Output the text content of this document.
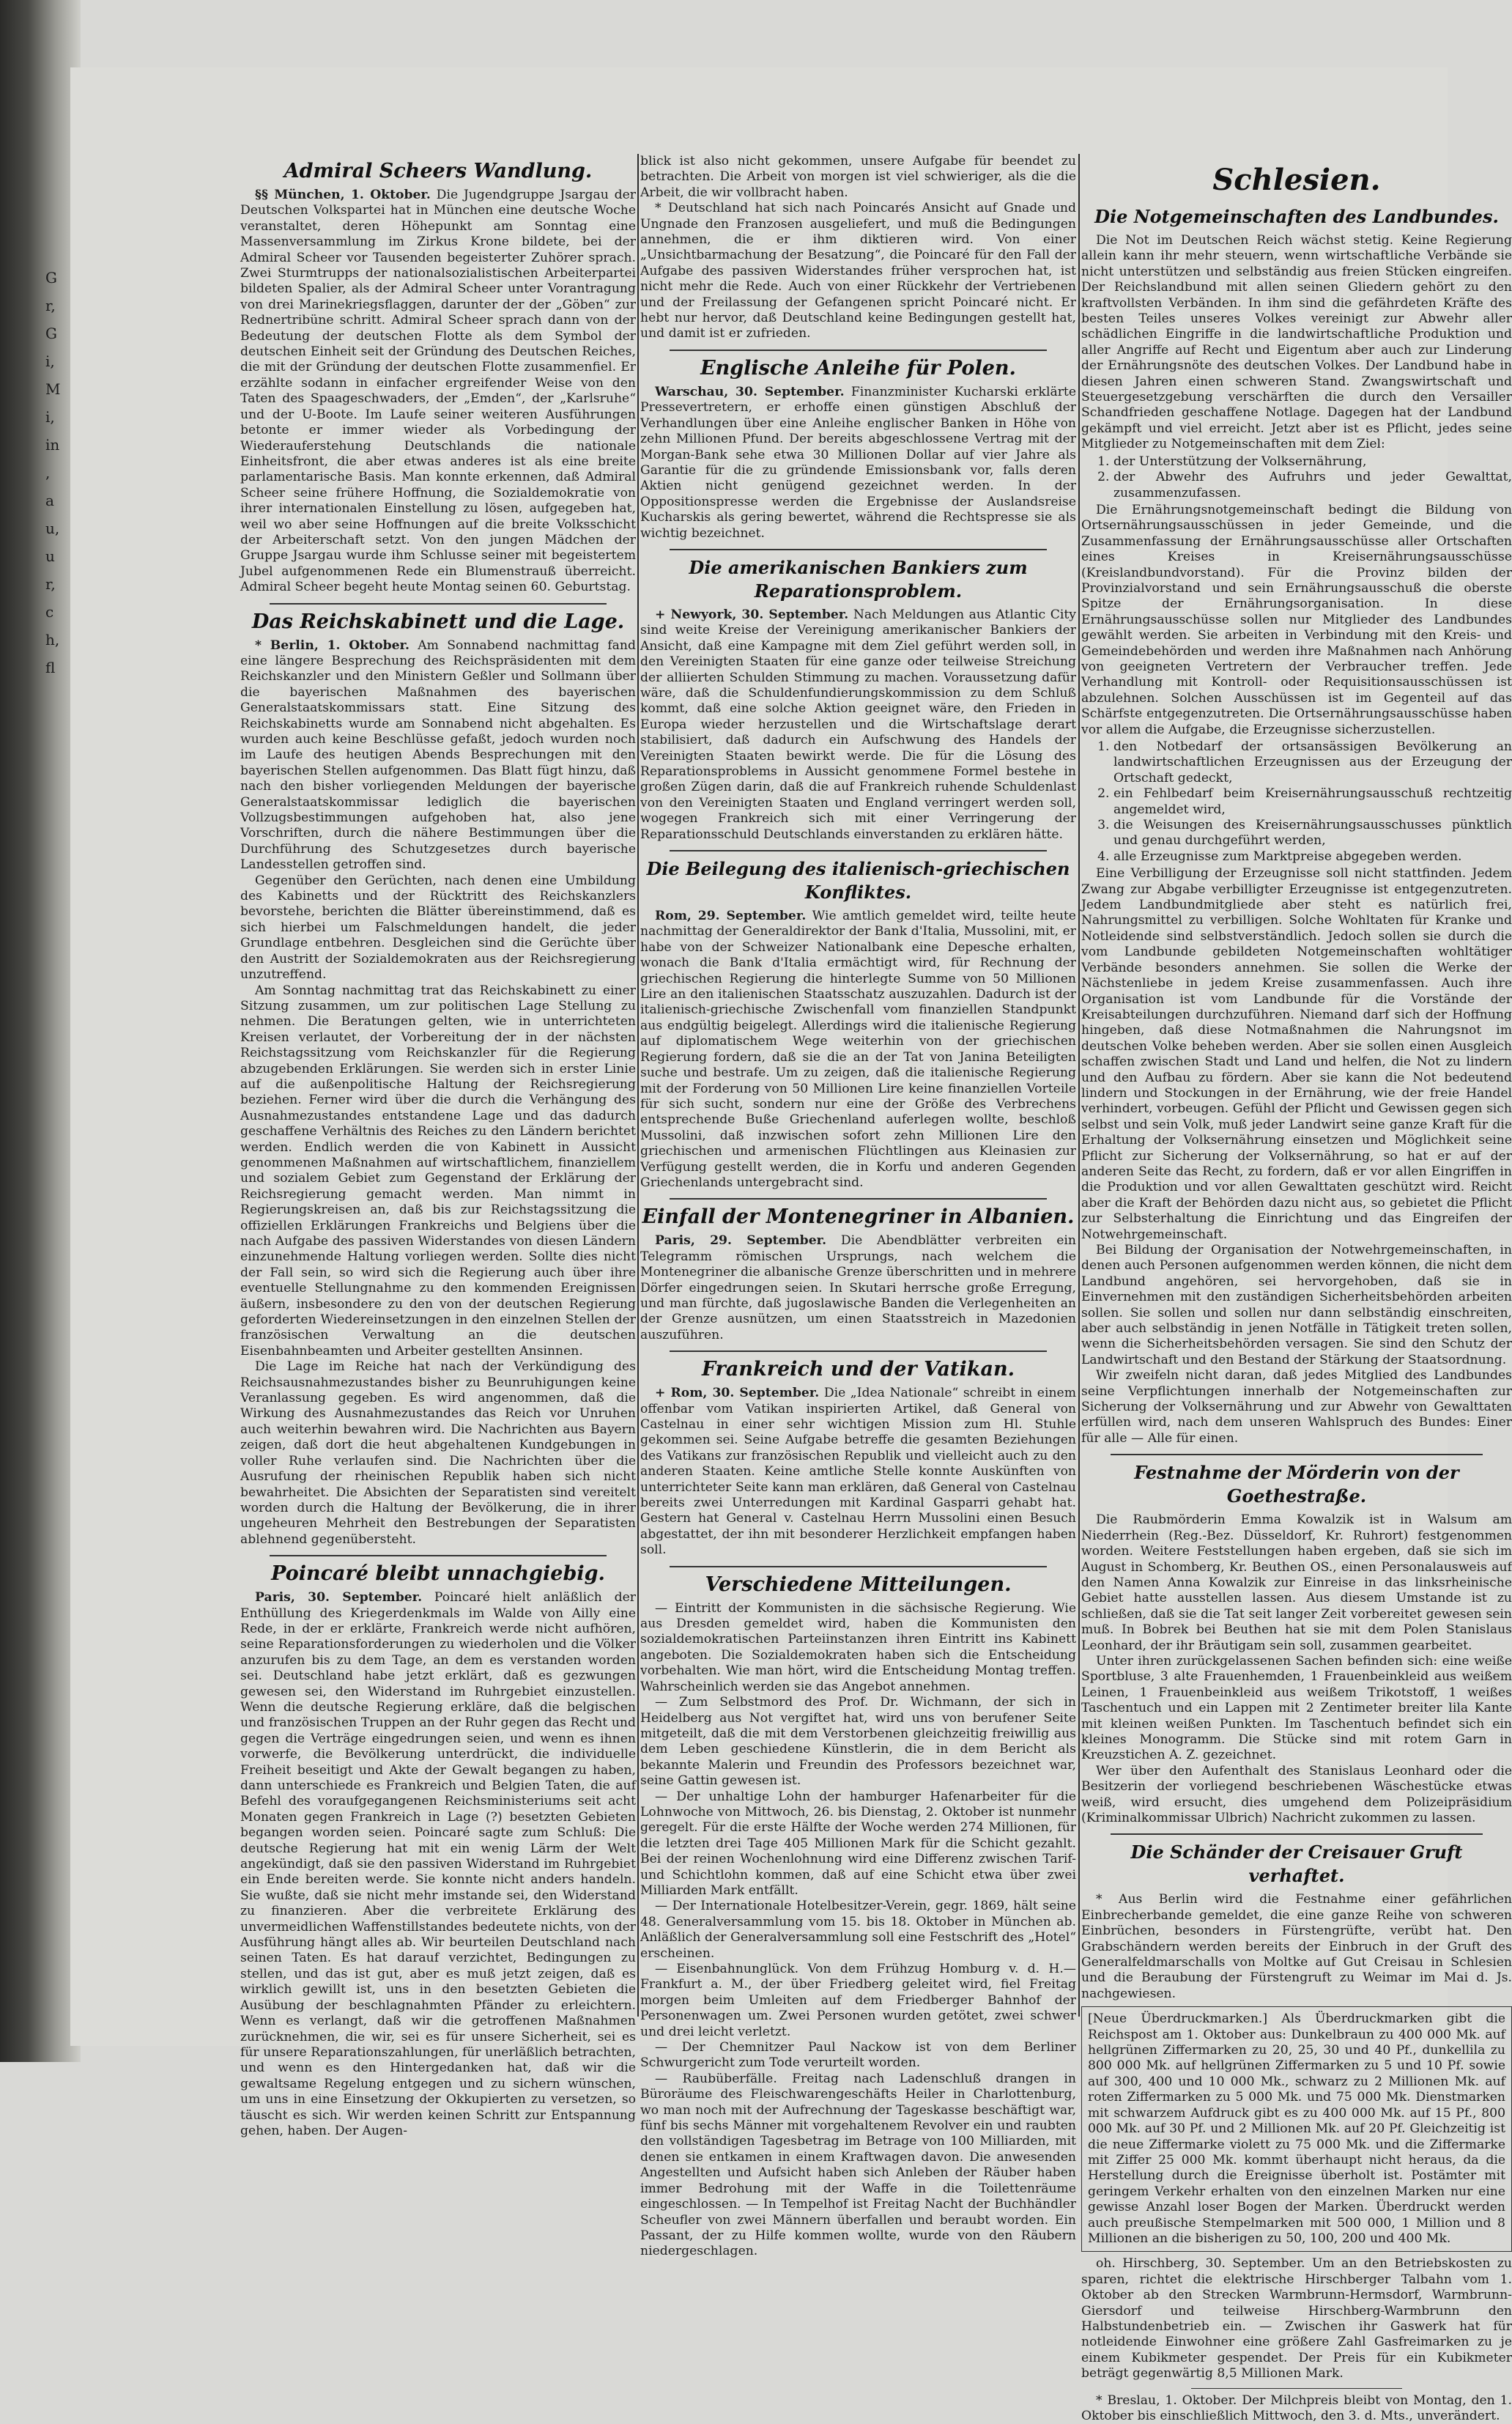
Gr, Gi, Mi, in, au, ur, ch, fl
Admiral Scheers Wandlung.

§§ München, 1. Oktober. Die Jugendgruppe Jsargau der Deutschen Volkspartei hat in München eine deutsche Woche veranstaltet, deren Höhepunkt am Sonntag eine Massenversammlung im Zirkus Krone bildete, bei der Admiral Scheer vor Tausenden begeisterter Zuhörer sprach. Zwei Sturmtrupps der nationalsozialistischen Arbeiterpartei bildeten Spalier, als der Admiral Scheer unter Vorantragung von drei Marinekriegsflaggen, darunter der der „Göben“ zur Rednertribüne schritt. Admiral Scheer sprach dann von der Bedeutung der deutschen Flotte als dem Symbol der deutschen Einheit seit der Gründung des Deutschen Reiches, die mit der Gründung der deutschen Flotte zusammenfiel. Er erzählte sodann in einfacher ergreifender Weise von den Taten des Spaageschwaders, der „Emden“, der „Karlsruhe“ und der U-Boote. Im Laufe seiner weiteren Ausführungen betonte er immer wieder als Vorbedingung der Wiederauferstehung Deutschlands die nationale Einheitsfront, die aber etwas anderes ist als eine breite parlamentarische Basis. Man konnte erkennen, daß Admiral Scheer seine frühere Hoffnung, die Sozialdemokratie von ihrer internationalen Einstellung zu lösen, aufgegeben hat, weil wo aber seine Hoffnungen auf die breite Volksschicht der Arbeiterschaft setzt. Von den jungen Mädchen der Gruppe Jsargau wurde ihm Schlusse seiner mit begeistertem Jubel aufgenommenen Rede ein Blumenstrauß überreicht. Admiral Scheer begeht heute Montag seinen 60. Geburtstag.

Das Reichskabinett und die Lage.

* Berlin, 1. Oktober. Am Sonnabend nachmittag fand eine längere Besprechung des Reichspräsidenten mit dem Reichskanzler und den Ministern Geßler und Sollmann über die bayerischen Maßnahmen des bayerischen Generalstaatskommissars statt. Eine Sitzung des Reichskabinetts wurde am Sonnabend nicht abgehalten. Es wurden auch keine Beschlüsse gefaßt, jedoch wurden noch im Laufe des heutigen Abends Besprechungen mit den bayerischen Stellen aufgenommen. Das Blatt fügt hinzu, daß nach den bisher vorliegenden Meldungen der bayerische Generalstaatskommissar lediglich die bayerischen Vollzugsbestimmungen aufgehoben hat, also jene Vorschriften, durch die nähere Bestimmungen über die Durchführung des Schutzgesetzes durch bayerische Landesstellen getroffen sind.

Gegenüber den Gerüchten, nach denen eine Umbildung des Kabinetts und der Rücktritt des Reichskanzlers bevorstehe, berichten die Blätter übereinstimmend, daß es sich hierbei um Falschmeldungen handelt, die jeder Grundlage entbehren. Desgleichen sind die Gerüchte über den Austritt der Sozialdemokraten aus der Reichsregierung unzutreffend.

Am Sonntag nachmittag trat das Reichskabinett zu einer Sitzung zusammen, um zur politischen Lage Stellung zu nehmen. Die Beratungen gelten, wie in unterrichteten Kreisen verlautet, der Vorbereitung der in der nächsten Reichstagssitzung vom Reichskanzler für die Regierung abzugebenden Erklärungen. Sie werden sich in erster Linie auf die außenpolitische Haltung der Reichsregierung beziehen. Ferner wird über die durch die Verhängung des Ausnahmezustandes entstandene Lage und das dadurch geschaffene Verhältnis des Reiches zu den Ländern berichtet werden. Endlich werden die von Kabinett in Aussicht genommenen Maßnahmen auf wirtschaftlichem, finanziellem und sozialem Gebiet zum Gegenstand der Erklärung der Reichsregierung gemacht werden. Man nimmt in Regierungskreisen an, daß bis zur Reichstagssitzung die offiziellen Erklärungen Frankreichs und Belgiens über die nach Aufgabe des passiven Widerstandes von diesen Ländern einzunehmende Haltung vorliegen werden. Sollte dies nicht der Fall sein, so wird sich die Regierung auch über ihre eventuelle Stellungnahme zu den kommenden Ereignissen äußern, insbesondere zu den von der deutschen Regierung geforderten Wiedereinsetzungen in den einzelnen Stellen der französischen Verwaltung an die deutschen Eisenbahnbeamten und Arbeiter gestellten Ansinnen.

Die Lage im Reiche hat nach der Verkündigung des Reichsausnahmezustandes bisher zu Beunruhigungen keine Veranlassung gegeben. Es wird angenommen, daß die Wirkung des Ausnahmezustandes das Reich vor Unruhen auch weiterhin bewahren wird. Die Nachrichten aus Bayern zeigen, daß dort die heut abgehaltenen Kundgebungen in voller Ruhe verlaufen sind. Die Nachrichten über die Ausrufung der rheinischen Republik haben sich nicht bewahrheitet. Die Absichten der Separatisten sind vereitelt worden durch die Haltung der Bevölkerung, die in ihrer ungeheuren Mehrheit den Bestrebungen der Separatisten ablehnend gegenübersteht.

Poincaré bleibt unnachgiebig.

Paris, 30. September. Poincaré hielt anläßlich der Enthüllung des Kriegerdenkmals im Walde von Ailly eine Rede, in der er erklärte, Frankreich werde nicht aufhören, seine Reparationsforderungen zu wiederholen und die Völker anzurufen bis zu dem Tage, an dem es verstanden worden sei. Deutschland habe jetzt erklärt, daß es gezwungen gewesen sei, den Widerstand im Ruhrgebiet einzustellen. Wenn die deutsche Regierung erkläre, daß die belgischen und französischen Truppen an der Ruhr gegen das Recht und gegen die Verträge eingedrungen seien, und wenn es ihnen vorwerfe, die Bevölkerung unterdrückt, die individuelle Freiheit beseitigt und Akte der Gewalt begangen zu haben, dann unterschiede es Frankreich und Belgien Taten, die auf Befehl des voraufgegangenen Reichsministeriums seit acht Monaten gegen Frankreich in Lage (?) besetzten Gebieten begangen worden seien. Poincaré sagte zum Schluß: Die deutsche Regierung hat mit ein wenig Lärm der Welt angekündigt, daß sie den passiven Widerstand im Ruhrgebiet ein Ende bereiten werde. Sie konnte nicht anders handeln. Sie wußte, daß sie nicht mehr imstande sei, den Widerstand zu finanzieren. Aber die verbreitete Erklärung des unvermeidlichen Waffenstillstandes bedeutete nichts, von der Ausführung hängt alles ab. Wir beurteilen Deutschland nach seinen Taten. Es hat darauf verzichtet, Bedingungen zu stellen, und das ist gut, aber es muß jetzt zeigen, daß es wirklich gewillt ist, uns in den besetzten Gebieten die Ausübung der beschlagnahmten Pfänder zu erleichtern. Wenn es verlangt, daß wir die getroffenen Maßnahmen zurücknehmen, die wir, sei es für unsere Sicherheit, sei es für unsere Reparationszahlungen, für unerläßlich betrachten, und wenn es den Hintergedanken hat, daß wir die gewaltsame Regelung entgegen und zu sichern wünschen, um uns in eine Einsetzung der Okkupierten zu versetzen, so täuscht es sich. Wir werden keinen Schritt zur Entspannung gehen, haben. Der Augen-

blick ist also nicht gekommen, unsere Aufgabe für beendet zu betrachten. Die Arbeit von morgen ist viel schwieriger, als die die Arbeit, die wir vollbracht haben.

* Deutschland hat sich nach Poincarés Ansicht auf Gnade und Ungnade den Franzosen ausgeliefert, und muß die Bedingungen annehmen, die er ihm diktieren wird. Von einer „Unsichtbarmachung der Besatzung“, die Poincaré für den Fall der Aufgabe des passiven Widerstandes früher versprochen hat, ist nicht mehr die Rede. Auch von einer Rückkehr der Vertriebenen und der Freilassung der Gefangenen spricht Poincaré nicht. Er hebt nur hervor, daß Deutschland keine Bedingungen gestellt hat, und damit ist er zufrieden.

Englische Anleihe für Polen.

Warschau, 30. September. Finanzminister Kucharski erklärte Pressevertretern, er erhoffe einen günstigen Abschluß der Verhandlungen über eine Anleihe englischer Banken in Höhe von zehn Millionen Pfund. Der bereits abgeschlossene Vertrag mit der Morgan-Bank sehe etwa 30 Millionen Dollar auf vier Jahre als Garantie für die zu gründende Emissionsbank vor, falls deren Aktien nicht genügend gezeichnet werden. In der Oppositionspresse werden die Ergebnisse der Auslandsreise Kucharskis als gering bewertet, während die Rechtspresse sie als wichtig bezeichnet.

Die amerikanischen Bankiers zum Reparationsproblem.

+ Newyork, 30. September. Nach Meldungen aus Atlantic City sind weite Kreise der Vereinigung amerikanischer Bankiers der Ansicht, daß eine Kampagne mit dem Ziel geführt werden soll, in den Vereinigten Staaten für eine ganze oder teilweise Streichung der alliierten Schulden Stimmung zu machen. Voraussetzung dafür wäre, daß die Schuldenfundierungskommission zu dem Schluß kommt, daß eine solche Aktion geeignet wäre, den Frieden in Europa wieder herzustellen und die Wirtschaftslage derart stabilisiert, daß dadurch ein Aufschwung des Handels der Vereinigten Staaten bewirkt werde. Die für die Lösung des Reparationsproblems in Aussicht genommene Formel bestehe in großen Zügen darin, daß die auf Frankreich ruhende Schuldenlast von den Vereinigten Staaten und England verringert werden soll, wogegen Frankreich sich mit einer Verringerung der Reparationsschuld Deutschlands einverstanden zu erklären hätte.

Die Beilegung des italienisch-griechischen Konfliktes.

Rom, 29. September. Wie amtlich gemeldet wird, teilte heute nachmittag der Generaldirektor der Bank d'Italia, Mussolini, mit, er habe von der Schweizer Nationalbank eine Depesche erhalten, wonach die Bank d'Italia ermächtigt wird, für Rechnung der griechischen Regierung die hinterlegte Summe von 50 Millionen Lire an den italienischen Staatsschatz auszuzahlen. Dadurch ist der italienisch-griechische Zwischenfall vom finanziellen Standpunkt aus endgültig beigelegt. Allerdings wird die italienische Regierung auf diplomatischem Wege weiterhin von der griechischen Regierung fordern, daß sie die an der Tat von Janina Beteiligten suche und bestrafe. Um zu zeigen, daß die italienische Regierung mit der Forderung von 50 Millionen Lire keine finanziellen Vorteile für sich sucht, sondern nur eine der Größe des Verbrechens entsprechende Buße Griechenland auferlegen wollte, beschloß Mussolini, daß inzwischen sofort zehn Millionen Lire den griechischen und armenischen Flüchtlingen aus Kleinasien zur Verfügung gestellt werden, die in Korfu und anderen Gegenden Griechenlands untergebracht sind.

Einfall der Montenegriner in Albanien.

Paris, 29. September. Die Abendblätter verbreiten ein Telegramm römischen Ursprungs, nach welchem die Montenegriner die albanische Grenze überschritten und in mehrere Dörfer eingedrungen seien. In Skutari herrsche große Erregung, und man fürchte, daß jugoslawische Banden die Verlegenheiten an der Grenze ausnützen, um einen Staatsstreich in Mazedonien auszuführen.

Frankreich und der Vatikan.

+ Rom, 30. September. Die „Idea Nationale“ schreibt in einem offenbar vom Vatikan inspirierten Artikel, daß General von Castelnau in einer sehr wichtigen Mission zum Hl. Stuhle gekommen sei. Seine Aufgabe betreffe die gesamten Beziehungen des Vatikans zur französischen Republik und vielleicht auch zu den anderen Staaten. Keine amtliche Stelle konnte Auskünften von unterrichteter Seite kann man erklären, daß General von Castelnau bereits zwei Unterredungen mit Kardinal Gasparri gehabt hat. Gestern hat General v. Castelnau Herrn Mussolini einen Besuch abgestattet, der ihn mit besonderer Herzlichkeit empfangen haben soll.

Verschiedene Mitteilungen.

— Eintritt der Kommunisten in die sächsische Regierung. Wie aus Dresden gemeldet wird, haben die Kommunisten den sozialdemokratischen Parteiinstanzen ihren Eintritt ins Kabinett angeboten. Die Sozialdemokraten haben sich die Entscheidung vorbehalten. Wie man hört, wird die Entscheidung Montag treffen. Wahrscheinlich werden sie das Angebot annehmen.

— Zum Selbstmord des Prof. Dr. Wichmann, der sich in Heidelberg aus Not vergiftet hat, wird uns von berufener Seite mitgeteilt, daß die mit dem Verstorbenen gleichzeitig freiwillig aus dem Leben geschiedene Künstlerin, die in dem Bericht als bekannte Malerin und Freundin des Professors bezeichnet war, seine Gattin gewesen ist.

— Der unhaltige Lohn der hamburger Hafenarbeiter für die Lohnwoche von Mittwoch, 26. bis Dienstag, 2. Oktober ist nunmehr geregelt. Für die erste Hälfte der Woche werden 274 Millionen, für die letzten drei Tage 405 Millionen Mark für die Schicht gezahlt. Bei der reinen Wochenlohnung wird eine Differenz zwischen Tarif- und Schichtlohn kommen, daß auf eine Schicht etwa über zwei Milliarden Mark entfällt.

— Der Internationale Hotelbesitzer-Verein, gegr. 1869, hält seine 48. Generalversammlung vom 15. bis 18. Oktober in München ab. Anläßlich der Generalversammlung soll eine Festschrift des „Hotel“ erscheinen.

— Eisenbahnunglück. Von dem Frühzug Homburg v. d. H.—Frankfurt a. M., der über Friedberg geleitet wird, fiel Freitag morgen beim Umleiten auf dem Friedberger Bahnhof der Personenwagen um. Zwei Personen wurden getötet, zwei schwer und drei leicht verletzt.

— Der Chemnitzer Paul Nackow ist von dem Berliner Schwurgericht zum Tode verurteilt worden.

— Raubüberfälle. Freitag nach Ladenschluß drangen in Büroräume des Fleischwarengeschäfts Heiler in Charlottenburg, wo man noch mit der Aufrechnung der Tageskasse beschäftigt war, fünf bis sechs Männer mit vorgehaltenem Revolver ein und raubten den vollständigen Tagesbetrag im Betrage von 100 Milliarden, mit denen sie entkamen in einem Kraftwagen davon. Die anwesenden Angestellten und Aufsicht haben sich Anleben der Räuber haben immer Bedrohung mit der Waffe in die Toilettenräume eingeschlossen. — In Tempelhof ist Freitag Nacht der Buchhändler Scheufler von zwei Männern überfallen und beraubt worden. Ein Passant, der zu Hilfe kommen wollte, wurde von den Räubern niedergeschlagen.

Schlesien.
Die Notgemeinschaften des Landbundes.

Die Not im Deutschen Reich wächst stetig. Keine Regierung allein kann ihr mehr steuern, wenn wirtschaftliche Verbände sie nicht unterstützen und selbständig aus freien Stücken eingreifen. Der Reichslandbund mit allen seinen Gliedern gehört zu den kraftvollsten Verbänden. In ihm sind die gefährdeten Kräfte des besten Teiles unseres Volkes vereinigt zur Abwehr aller schädlichen Eingriffe in die landwirtschaftliche Produktion und aller Angriffe auf Recht und Eigentum aber auch zur Linderung der Ernährungsnöte des deutschen Volkes. Der Landbund habe in diesen Jahren einen schweren Stand. Zwangswirtschaft und Steuergesetzgebung verschärften die durch den Versailler Schandfrieden geschaffene Notlage. Dagegen hat der Landbund gekämpft und viel erreicht. Jetzt aber ist es Pflicht, jedes seine Mitglieder zu Notgemeinschaften mit dem Ziel:

1. der Unterstützung der Volksernährung,
2. der Abwehr des Aufruhrs und jeder Gewalttat, zusammenzufassen.

Die Ernährungsnotgemeinschaft bedingt die Bildung von Ortsernährungsausschüssen in jeder Gemeinde, und die Zusammenfassung der Ernährungsausschüsse aller Ortschaften eines Kreises in Kreisernährungsausschüsse (Kreislandbundvorstand). Für die Provinz bilden der Provinzialvorstand und sein Ernährungsausschuß die oberste Spitze der Ernährungsorganisation. In diese Ernährungsausschüsse sollen nur Mitglieder des Landbundes gewählt werden. Sie arbeiten in Verbindung mit den Kreis- und Gemeindebehörden und werden ihre Maßnahmen nach Anhörung von geeigneten Vertretern der Verbraucher treffen. Jede Verhandlung mit Kontroll- oder Requisitionsausschüssen ist abzulehnen. Solchen Ausschüssen ist im Gegenteil auf das Schärfste entgegenzutreten. Die Ortsernährungsausschüsse haben vor allem die Aufgabe, die Erzeugnisse sicherzustellen.

1. den Notbedarf der ortsansässigen Bevölkerung an landwirtschaftlichen Erzeugnissen aus der Erzeugung der Ortschaft gedeckt,
2. ein Fehlbedarf beim Kreisernährungsausschuß rechtzeitig angemeldet wird,
3. die Weisungen des Kreisernährungsausschusses pünktlich und genau durchgeführt werden,
4. alle Erzeugnisse zum Marktpreise abgegeben werden.

Eine Verbilligung der Erzeugnisse soll nicht stattfinden. Jedem Zwang zur Abgabe verbilligter Erzeugnisse ist entgegenzutreten. Jedem Landbundmitgliede aber steht es natürlich frei, Nahrungsmittel zu verbilligen. Solche Wohltaten für Kranke und Notleidende sind selbstverständlich. Jedoch sollen sie durch die vom Landbunde gebildeten Notgemeinschaften wohltätiger Verbände besonders annehmen. Sie sollen die Werke der Nächstenliebe in jedem Kreise zusammenfassen. Auch ihre Organisation ist vom Landbunde für die Vorstände der Kreisabteilungen durchzuführen. Niemand darf sich der Hoffnung hingeben, daß diese Notmaßnahmen die Nahrungsnot im deutschen Volke beheben werden. Aber sie sollen einen Ausgleich schaffen zwischen Stadt und Land und helfen, die Not zu lindern und den Aufbau zu fördern. Aber sie kann die Not bedeutend lindern und Stockungen in der Ernährung, wie der freie Handel verhindert, vorbeugen. Gefühl der Pflicht und Gewissen gegen sich selbst und sein Volk, muß jeder Landwirt seine ganze Kraft für die Erhaltung der Volksernährung einsetzen und Möglichkeit seine Pflicht zur Sicherung der Volksernährung, so hat er auf der anderen Seite das Recht, zu fordern, daß er vor allen Eingriffen in die Produktion und vor allen Gewalttaten geschützt wird. Reicht aber die Kraft der Behörden dazu nicht aus, so gebietet die Pflicht zur Selbsterhaltung die Einrichtung und das Eingreifen der Notwehrgemeinschaft.

Bei Bildung der Organisation der Notwehrgemeinschaften, in denen auch Personen aufgenommen werden können, die nicht dem Landbund angehören, sei hervorgehoben, daß sie in Einvernehmen mit den zuständigen Sicherheitsbehörden arbeiten sollen. Sie sollen und sollen nur dann selbständig einschreiten, aber auch selbständig in jenen Notfälle in Tätigkeit treten sollen, wenn die Sicherheitsbehörden versagen. Sie sind den Schutz der Landwirtschaft und den Bestand der Stärkung der Staatsordnung.

Wir zweifeln nicht daran, daß jedes Mitglied des Landbundes seine Verpflichtungen innerhalb der Notgemeinschaften zur Sicherung der Volksernährung und zur Abwehr von Gewalttaten erfüllen wird, nach dem unseren Wahlspruch des Bundes: Einer für alle — Alle für einen.

Festnahme der Mörderin von der Goethestraße.

Die Raubmörderin Emma Kowalzik ist in Walsum am Niederrhein (Reg.-Bez. Düsseldorf, Kr. Ruhrort) festgenommen worden. Weitere Feststellungen haben ergeben, daß sie sich im August in Schomberg, Kr. Beuthen OS., einen Personalausweis auf den Namen Anna Kowalzik zur Einreise in das linksrheinische Gebiet hatte ausstellen lassen. Aus diesem Umstande ist zu schließen, daß sie die Tat seit langer Zeit vorbereitet gewesen sein muß. In Bobrek bei Beuthen hat sie mit dem Polen Stanislaus Leonhard, der ihr Bräutigam sein soll, zusammen gearbeitet.

Unter ihren zurückgelassenen Sachen befinden sich: eine weiße Sportbluse, 3 alte Frauenhemden, 1 Frauenbeinkleid aus weißem Leinen, 1 Frauenbeinkleid aus weißem Trikotstoff, 1 weißes Taschentuch und ein Lappen mit 2 Zentimeter breiter lila Kante mit kleinen weißen Punkten. Im Taschentuch befindet sich ein kleines Monogramm. Die Stücke sind mit rotem Garn in Kreuzstichen A. Z. gezeichnet.

Wer über den Aufenthalt des Stanislaus Leonhard oder die Besitzerin der vorliegend beschriebenen Wäschestücke etwas weiß, wird ersucht, dies umgehend dem Polizeipräsidium (Kriminalkommissar Ulbrich) Nachricht zukommen zu lassen.

Die Schänder der Creisauer Gruft verhaftet.

* Aus Berlin wird die Festnahme einer gefährlichen Einbrecherbande gemeldet, die eine ganze Reihe von schweren Einbrüchen, besonders in Fürstengrüfte, verübt hat. Den Grabschändern werden bereits der Einbruch in der Gruft des Generalfeldmarschalls von Moltke auf Gut Creisau in Schlesien und die Beraubung der Fürstengruft zu Weimar im Mai d. Js. nachgewiesen.

[Neue Überdruckmarken.] Als Überdruckmarken gibt die Reichspost am 1. Oktober aus: Dunkelbraun zu 400 000 Mk. auf hellgrünen Ziffermarken zu 20, 25, 30 und 40 Pf., dunkellila zu 800 000 Mk. auf hellgrünen Ziffermarken zu 5 und 10 Pf. sowie auf 300, 400 und 10 000 Mk., schwarz zu 2 Millionen Mk. auf roten Ziffermarken zu 5 000 Mk. und 75 000 Mk. Dienstmarken mit schwarzem Aufdruck gibt es zu 400 000 Mk. auf 15 Pf., 800 000 Mk. auf 30 Pf. und 2 Millionen Mk. auf 20 Pf. Gleichzeitig ist die neue Ziffermarke violett zu 75 000 Mk. und die Ziffermarke mit Ziffer 25 000 Mk. kommt überhaupt nicht heraus, da die Herstellung durch die Ereignisse überholt ist. Postämter mit geringem Verkehr erhalten von den einzelnen Marken nur eine gewisse Anzahl loser Bogen der Marken. Überdruckt werden auch preußische Stempelmarken mit 500 000, 1 Million und 8 Millionen an die bisherigen zu 50, 100, 200 und 400 Mk.

oh. Hirschberg, 30. September. Um an den Betriebskosten zu sparen, richtet die elektrische Hirschberger Talbahn vom 1. Oktober ab den Strecken Warmbrunn-Hermsdorf, Warmbrunn-Giersdorf und teilweise Hirschberg-Warmbrunn den Halbstundenbetrieb ein. — Zwischen ihr Gaswerk hat für notleidende Einwohner eine größere Zahl Gasfreimarken zu je einem Kubikmeter gespendet. Der Preis für ein Kubikmeter beträgt gegenwärtig 8,5 Millionen Mark.

* Breslau, 1. Oktober. Der Milchpreis bleibt von Montag, den 1. Oktober bis einschließlich Mittwoch, den 3. d. Mts., unverändert.
